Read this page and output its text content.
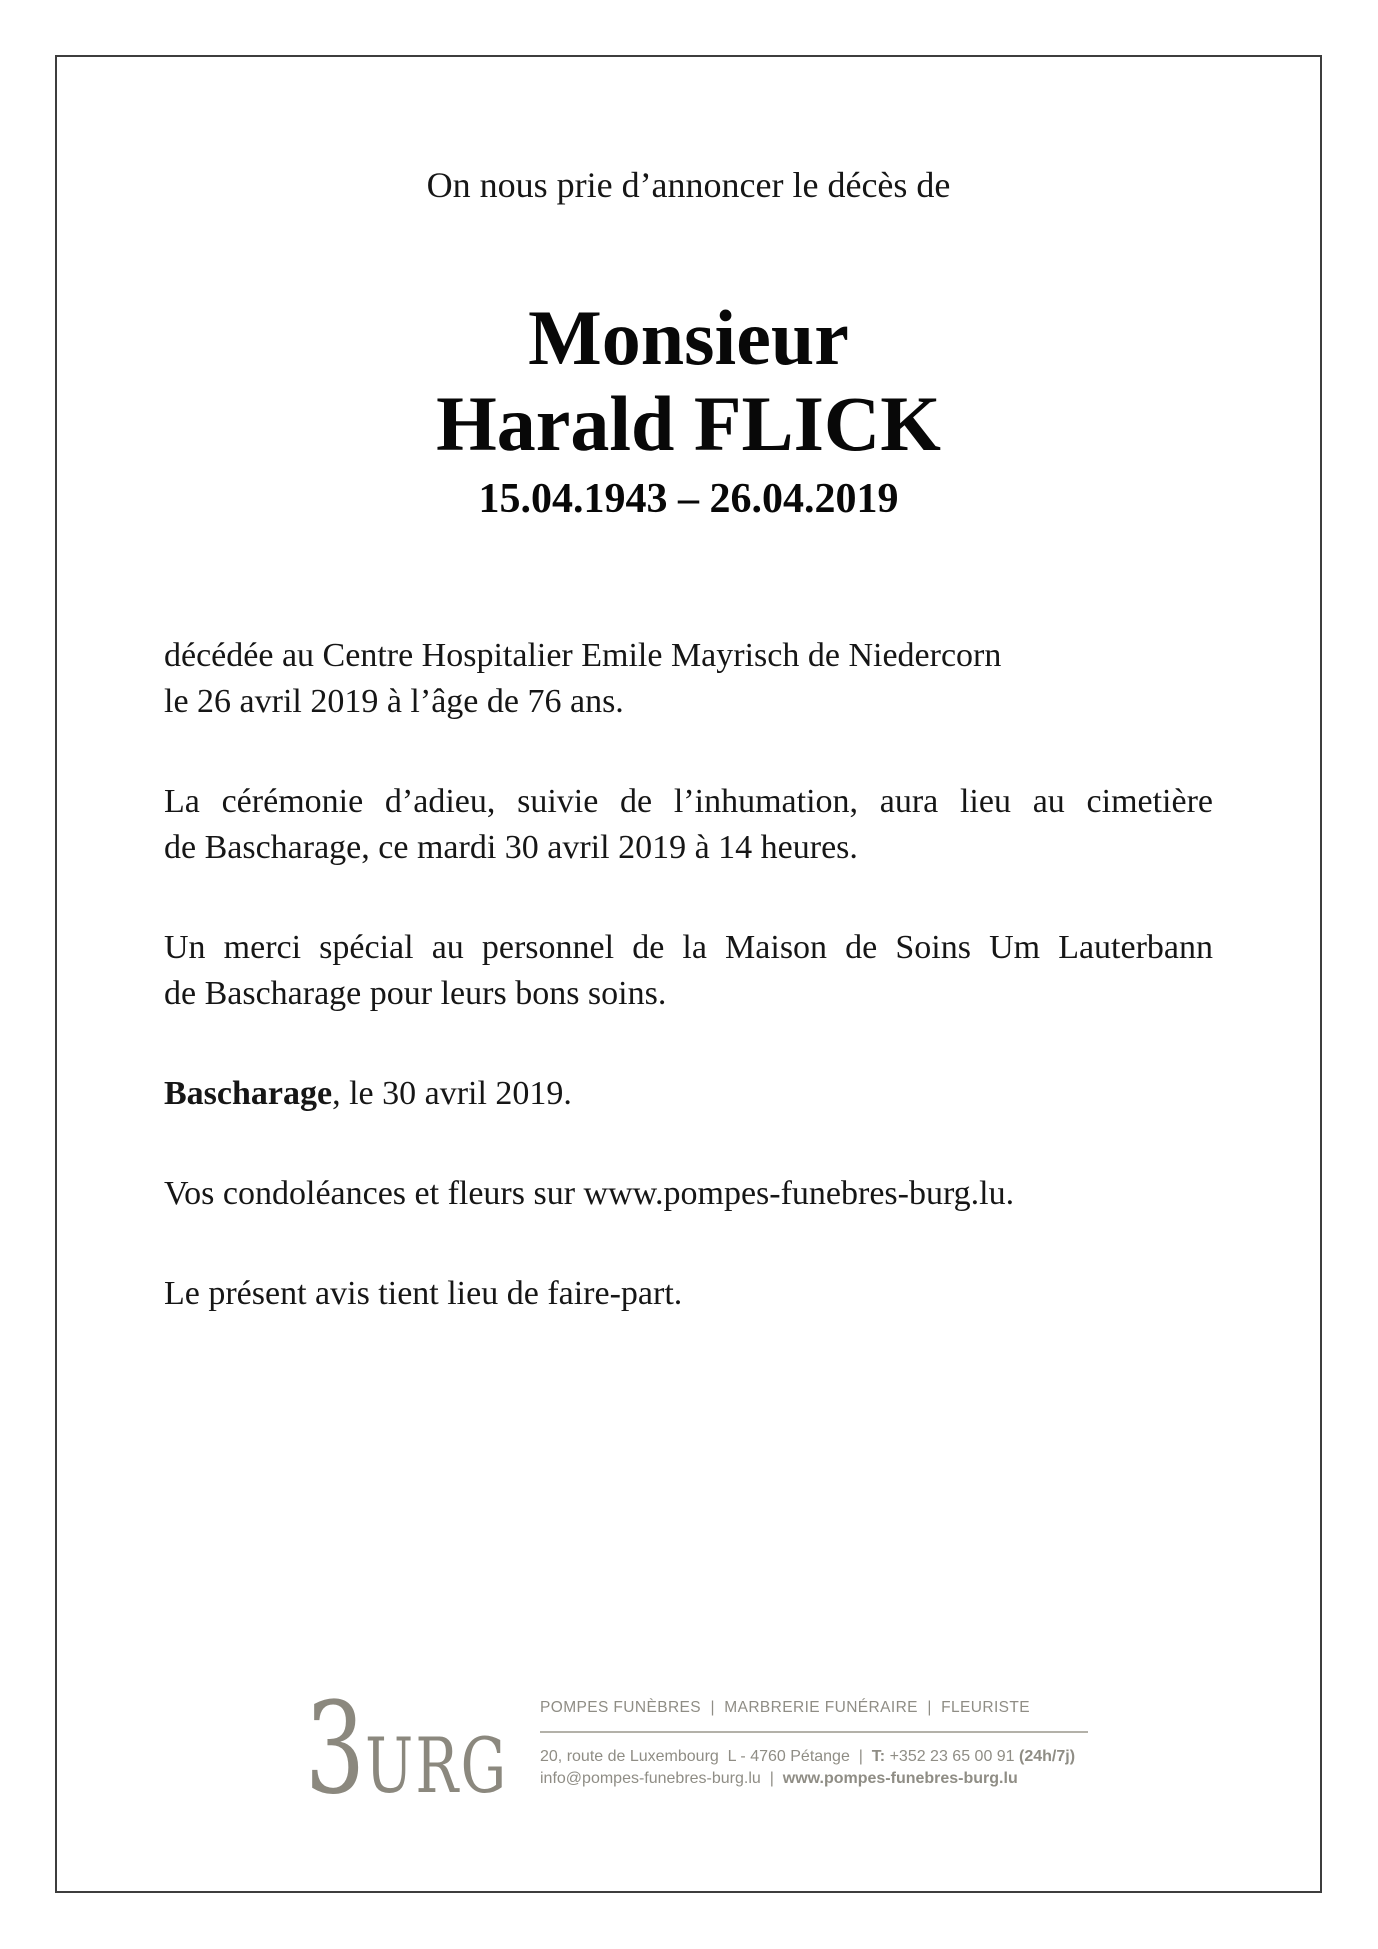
On nous prie d’annoncer le décès de
Monsieur
Harald FLICK
15.04.1943 – 26.04.2019
décédée au Centre Hospitalier Emile Mayrisch de Niedercorn
le 26 avril 2019 à l’âge de 76 ans.
La cérémonie d’adieu, suivie de l’inhumation, aura lieu au cimetière
de Bascharage, ce mardi 30 avril 2019 à 14 heures.
Un merci spécial au personnel de la Maison de Soins Um Lauterbann
de Bascharage pour leurs bons soins.
Bascharage, le 30 avril 2019.
Vos condoléances et fleurs sur www.pompes-funebres-burg.lu.
Le présent avis tient lieu de faire-part.
3URG
POMPES FUNÈBRES  |  MARBRERIE FUNÉRAIRE  |  FLEURISTE
20, route de Luxembourg  L - 4760 Pétange  |  T: +352 23 65 00 91 (24h/7j)
info@pompes-funebres-burg.lu  |  www.pompes-funebres-burg.lu
